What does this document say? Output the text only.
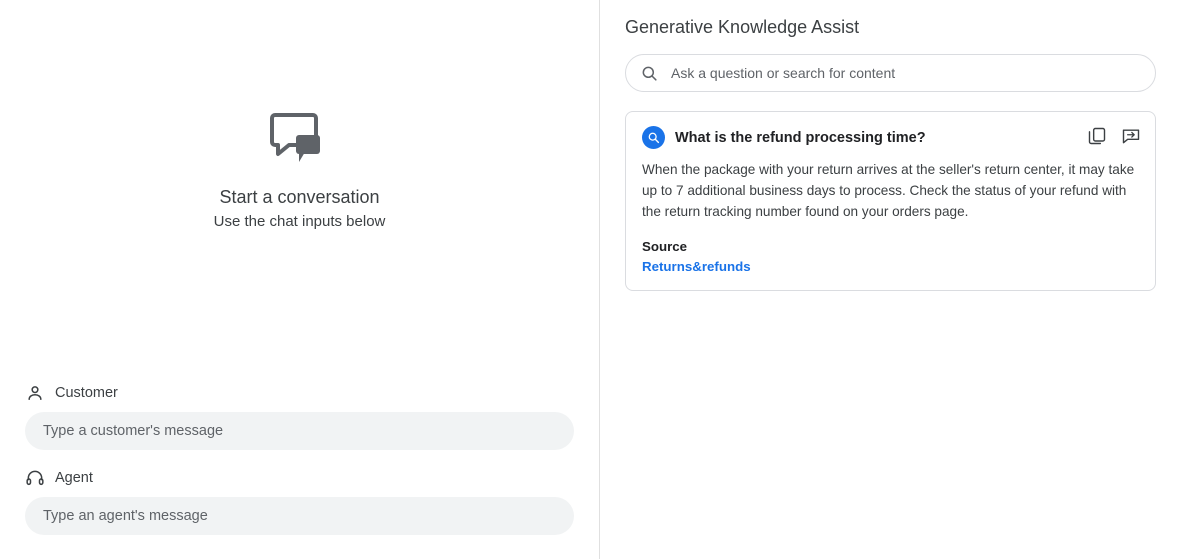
Start a conversation
Use the chat inputs below
Customer
Type a customer's message
Agent
Type an agent's message
Generative Knowledge Assist
Ask a question or search for content
What is the refund processing time?
When the package with your return arrives at the seller's return center, it may take up to 7 additional business days to process. Check the status of your refund with the return tracking number found on your orders page.
Source
Returns&refunds
